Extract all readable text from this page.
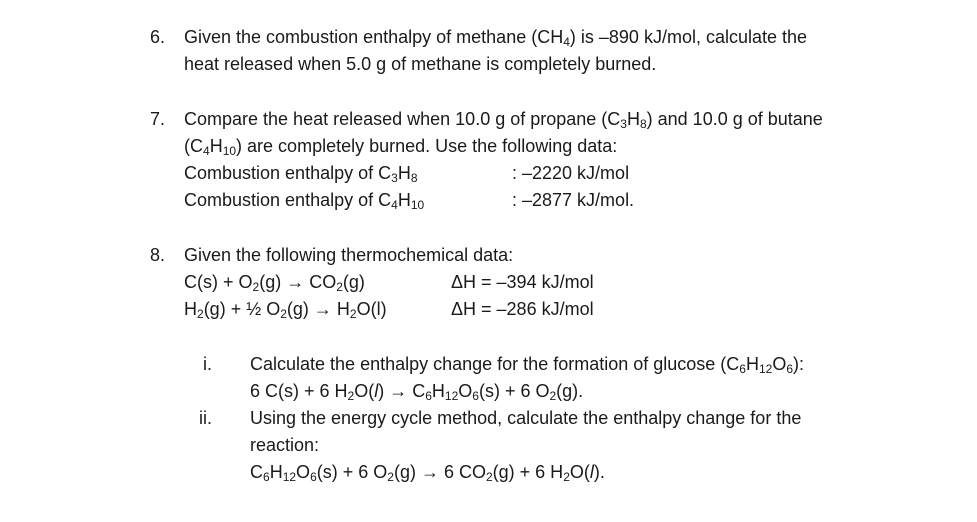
6. Given the combustion enthalpy of methane $(CH_4)$ is –890 kJ/mol, calculate the
heat released when 5.0 g of methane is completely burned.
7. Compare the heat released when 10.0 g of propane $(C_3H_8)$ and 10.0 g of butane
$(C_4H_{10})$ are completely burned. Use the following data:
Combustion enthalpy of $C_3H_8$	: –2220 kJ/mol
Combustion enthalpy of $C_4H_{10}$	: –2877 kJ/mol.
8. Given the following thermochemical data:
$C(s) + O_2(g) \to CO_2(g)$	ΔH = –394 kJ/mol
$H_2(g)$ + ½ $O_2(g) \to H_2O(l)$	ΔH = –286 kJ/mol
i. Calculate the enthalpy change for the formation of glucose $(C_6H_{12}O_6)$:
6 C(s) + 6 $H_2O(l) \to C_6H_{12}O_6(s) + 6$ $O_2(g)$.
ii. Using the energy cycle method, calculate the enthalpy change for the
reaction:
$C_6H_{12}O_6(s) + 6$ $O_2(g) \to 6$ $CO_2(g) + 6$ $H_2O(l)$.
